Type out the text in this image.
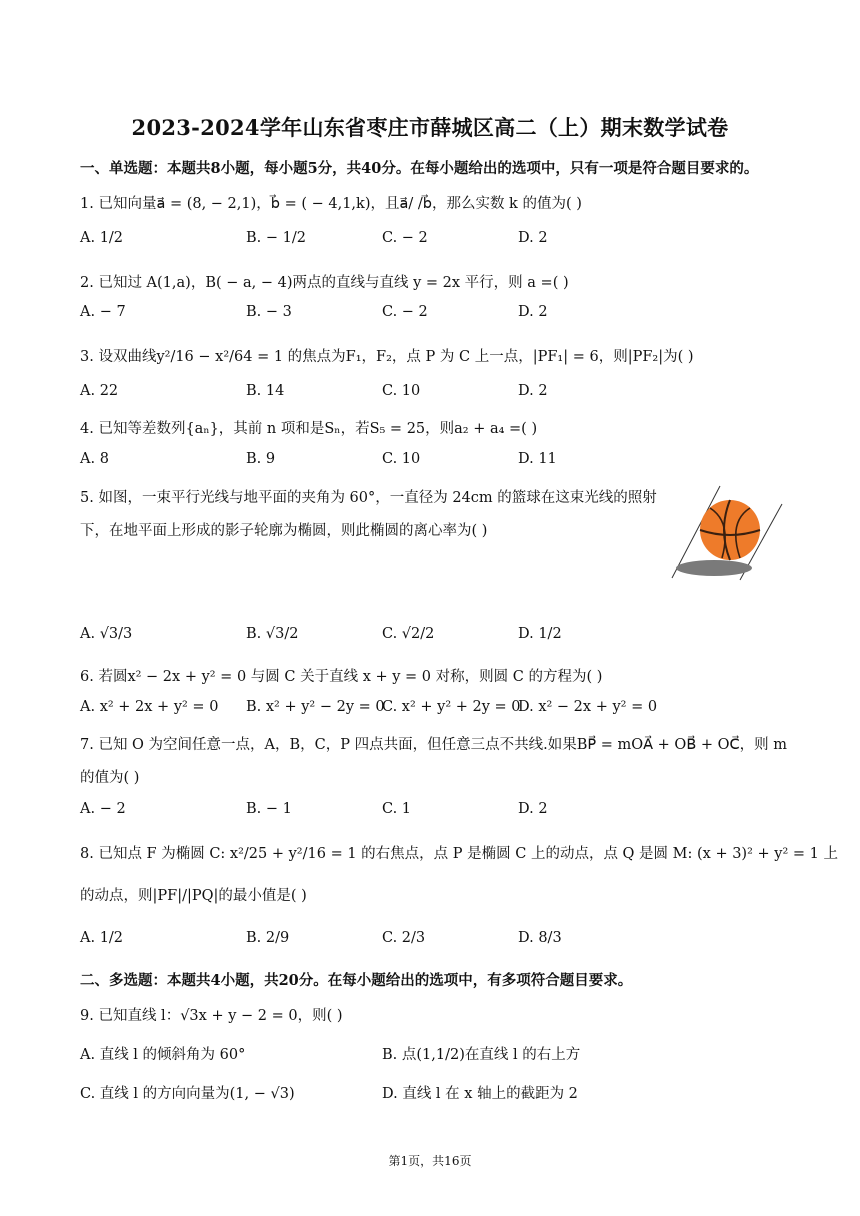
2023-2024学年山东省枣庄市薛城区高二（上）期末数学试卷
一、单选题：本题共8小题，每小题5分，共40分。在每小题给出的选项中，只有一项是符合题目要求的。
1. 已知向量a⃗ = (8, − 2,1)，b⃗ = ( − 4,1,k)，且a⃗/ /b⃗，那么实数 k 的值为( )
A. 1/2	B. − 1/2	C. − 2	D. 2
2. 已知过 A(1,a)，B( − a, − 4)两点的直线与直线 y = 2x 平行，则 a =( )
A. − 7	B. − 3	C. − 2	D. 2
3. 设双曲线y²/16 − x²/64 = 1 的焦点为F₁，F₂，点 P 为 C 上一点，|PF₁| = 6，则|PF₂|为( )
A. 22	B. 14	C. 10	D. 2
4. 已知等差数列{aₙ}，其前 n 项和是Sₙ，若S₅ = 25，则a₂ + a₄ =( )
A. 8	B. 9	C. 10	D. 11
5. 如图，一束平行光线与地平面的夹角为 60°，一直径为 24cm 的篮球在这束光线的照射
下，在地平面上形成的影子轮廓为椭圆，则此椭圆的离心率为( )
A. √3/3	B. √3/2	C. √2/2	D. 1/2
6. 若圆x² − 2x + y² = 0 与圆 C 关于直线 x + y = 0 对称，则圆 C 的方程为( )
A. x² + 2x + y² = 0 B. x² + y² − 2y = 0
C. x² + y² + 2y = 0
D. x² − 2x + y² = 0
7. 已知 O 为空间任意一点，A，B，C，P 四点共面，但任意三点不共线.如果BP⃗ = mOA⃗ + OB⃗ + OC⃗，则 m
的值为( )
A. − 2	B. − 1	C. 1	D. 2
8. 已知点 F 为椭圆 C: x²/25 + y²/16 = 1 的右焦点，点 P 是椭圆 C 上的动点，点 Q 是圆 M: (x + 3)² + y² = 1 上
的动点，则|PF|/|PQ|的最小值是( )
A. 1/2	B. 2/9	C. 2/3	D. 8/3
二、多选题：本题共4小题，共20分。在每小题给出的选项中，有多项符合题目要求。
9. 已知直线 l：√3x + y − 2 = 0，则( )
A. 直线 l 的倾斜角为 60°	B. 点(1,1/2)在直线 l 的右上方
C. 直线 l 的方向向量为(1, − √3)	D. 直线 l 在 x 轴上的截距为 2
第1页，共16页
